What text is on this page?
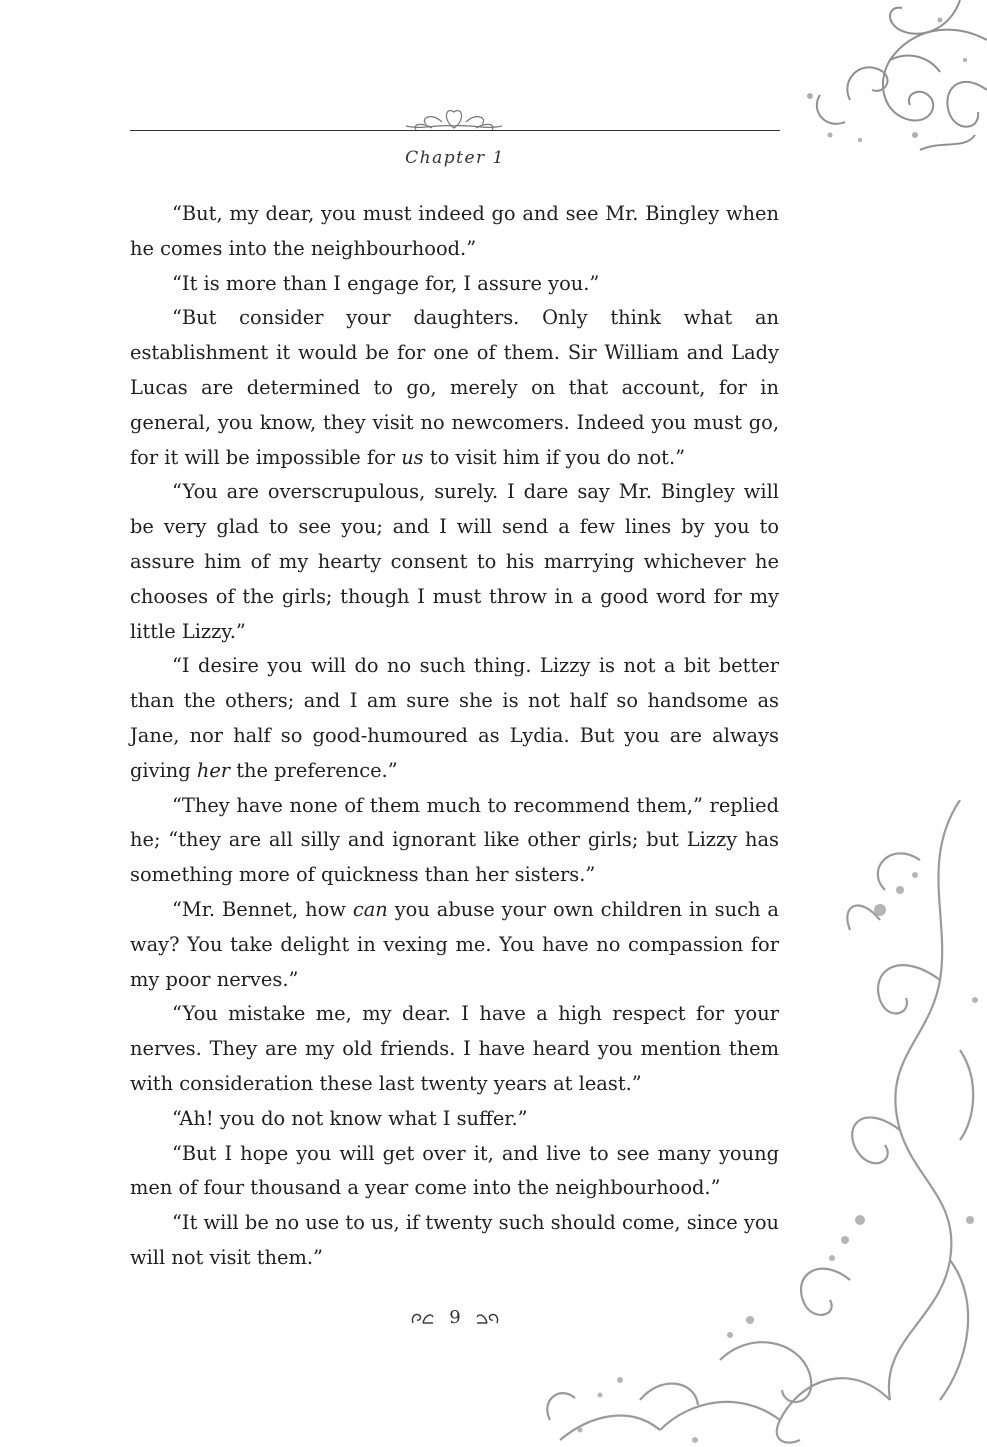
Chapter 1

“But, my dear, you must indeed go and see Mr. Bingley when he comes into the neighbourhood.”

“It is more than I engage for, I assure you.”

“But consider your daughters. Only think what an establishment it would be for one of them. Sir William and Lady Lucas are determined to go, merely on that account, for in general, you know, they visit no newcomers. Indeed you must go, for it will be impossible for us to visit him if you do not.”

“You are overscrupulous, surely. I dare say Mr. Bingley will be very glad to see you; and I will send a few lines by you to assure him of my hearty consent to his marrying whichever he chooses of the girls; though I must throw in a good word for my little Lizzy.”

“I desire you will do no such thing. Lizzy is not a bit better than the others; and I am sure she is not half so handsome as Jane, nor half so good-humoured as Lydia. But you are always giving her the preference.”

“They have none of them much to recommend them,” replied he; “they are all silly and ignorant like other girls; but Lizzy has something more of quickness than her sisters.”

“Mr. Bennet, how can you abuse your own children in such a way? You take delight in vexing me. You have no compassion for my poor nerves.”

“You mistake me, my dear. I have a high respect for your nerves. They are my old friends. I have heard you mention them with consideration these last twenty years at least.”

“Ah! you do not know what I suffer.”

“But I hope you will get over it, and live to see many young men of four thousand a year come into the neighbourhood.”

“It will be no use to us, if twenty such should come, since you will not visit them.”

9
